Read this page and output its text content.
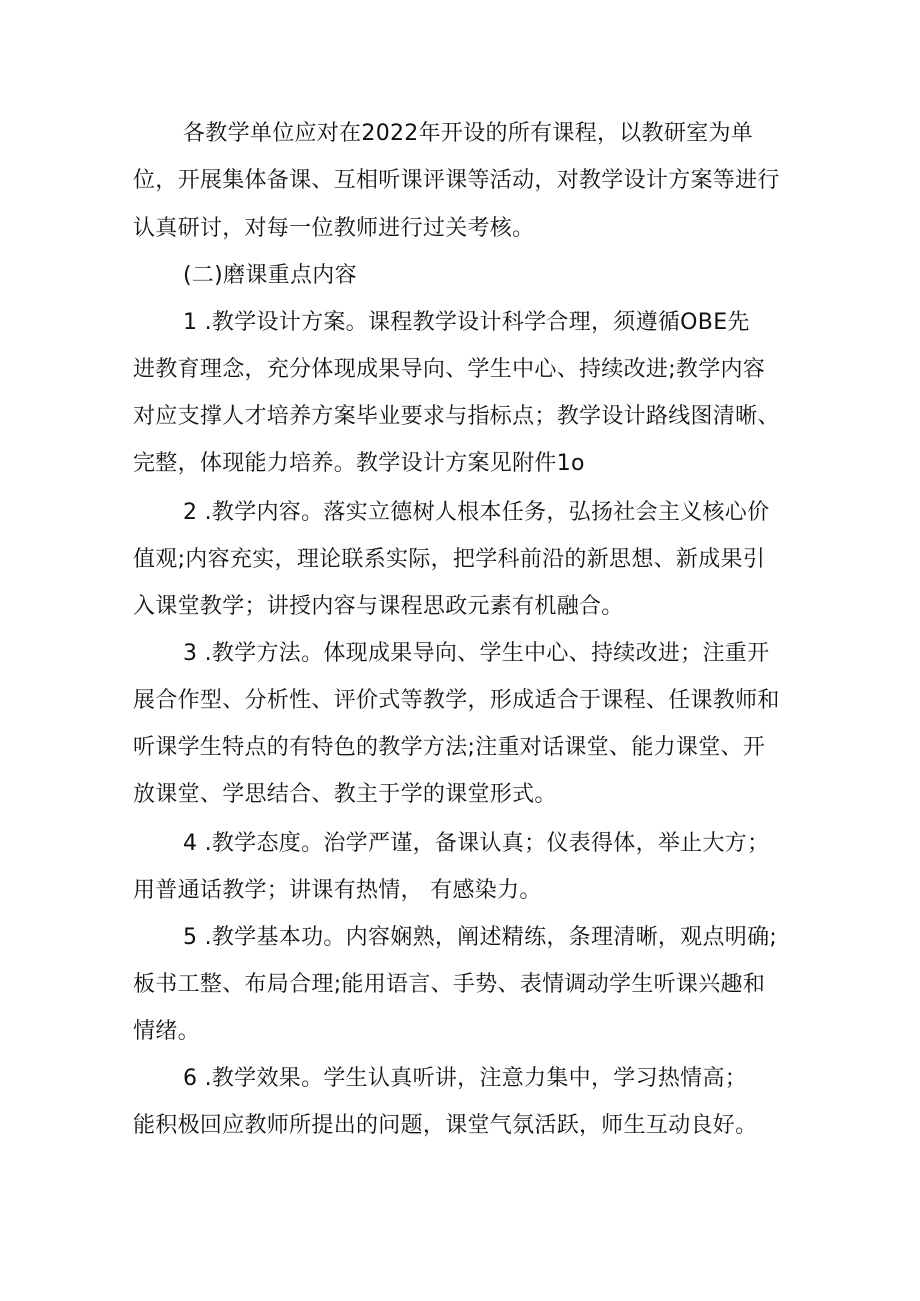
各教学单位应对在2022年开设的所有课程，以教研室为单
位，开展集体备课、互相听课评课等活动，对教学设计方案等进行
认真研讨，对每一位教师进行过关考核。
(二)磨课重点内容
1 .教学设计方案。课程教学设计科学合理，须遵循OBE先
进教育理念，充分体现成果导向、学生中心、持续改进;教学内容
对应支撑人才培养方案毕业要求与指标点；教学设计路线图清晰、
完整，体现能力培养。教学设计方案见附件1o
2 .教学内容。落实立德树人根本任务，弘扬社会主义核心价
值观;内容充实，理论联系实际，把学科前沿的新思想、新成果引
入课堂教学；讲授内容与课程思政元素有机融合。
3 .教学方法。体现成果导向、学生中心、持续改进；注重开
展合作型、分析性、评价式等教学，形成适合于课程、任课教师和
听课学生特点的有特色的教学方法;注重对话课堂、能力课堂、开
放课堂、学思结合、教主于学的课堂形式。
4 .教学态度。治学严谨，备课认真；仪表得体，举止大方；
用普通话教学；讲课有热情， 有感染力。
5 .教学基本功。内容娴熟，阐述精练，条理清晰，观点明确;
板书工整、布局合理;能用语言、手势、表情调动学生听课兴趣和
情绪。
6 .教学效果。学生认真听讲，注意力集中，学习热情高；
能积极回应教师所提出的问题，课堂气氛活跃，师生互动良好。
